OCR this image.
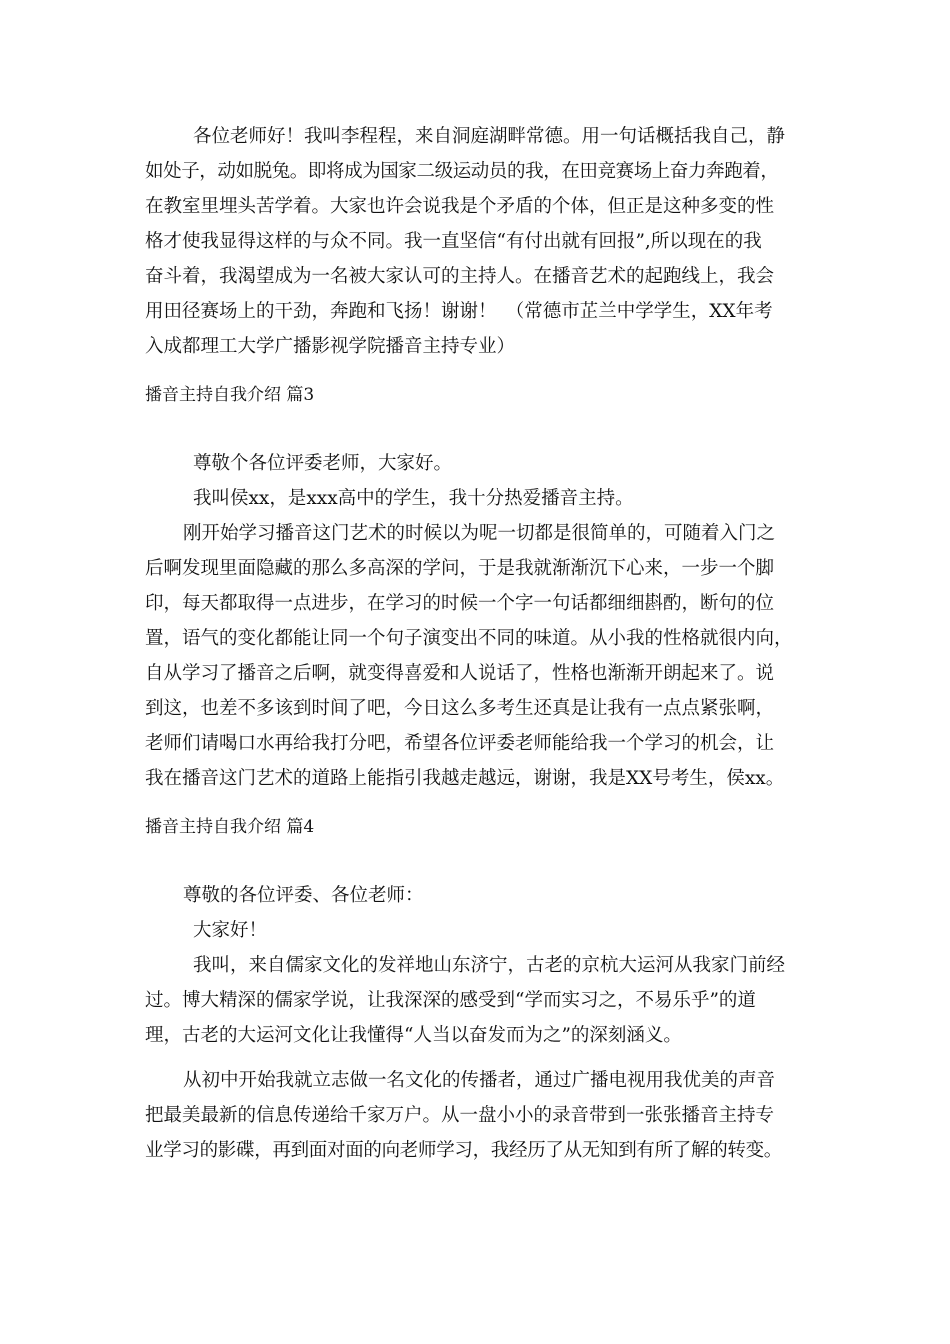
各位老师好！我叫李程程，来自洞庭湖畔常德。用一句话概括我自己，静
如处子，动如脱兔。即将成为国家二级运动员的我，在田竞赛场上奋力奔跑着，
在教室里埋头苦学着。大家也许会说我是个矛盾的个体，但正是这种多变的性
格才使我显得这样的与众不同。我一直坚信“有付出就有回报”,所以现在的我
奋斗着，我渴望成为一名被大家认可的主持人。在播音艺术的起跑线上，我会
用田径赛场上的干劲，奔跑和飞扬！谢谢！　（常德市芷兰中学学生，XX年考
入成都理工大学广播影视学院播音主持专业）
播音主持自我介绍 篇3
尊敬个各位评委老师，大家好。
我叫侯xx，是xxx高中的学生，我十分热爱播音主持。
刚开始学习播音这门艺术的时候以为呢一切都是很简单的，可随着入门之
后啊发现里面隐藏的那么多高深的学问，于是我就渐渐沉下心来，一步一个脚
印，每天都取得一点进步，在学习的时候一个字一句话都细细斟酌，断句的位
置，语气的变化都能让同一个句子演变出不同的味道。从小我的性格就很内向，
自从学习了播音之后啊，就变得喜爱和人说话了，性格也渐渐开朗起来了。说
到这，也差不多该到时间了吧，今日这么多考生还真是让我有一点点紧张啊，
老师们请喝口水再给我打分吧，希望各位评委老师能给我一个学习的机会，让
我在播音这门艺术的道路上能指引我越走越远，谢谢，我是XX号考生，侯xx。
播音主持自我介绍 篇4
尊敬的各位评委、各位老师：
大家好！
我叫，来自儒家文化的发祥地山东济宁，古老的京杭大运河从我家门前经
过。博大精深的儒家学说，让我深深的感受到“学而实习之，不易乐乎”的道
理，古老的大运河文化让我懂得“人当以奋发而为之”的深刻涵义。
从初中开始我就立志做一名文化的传播者，通过广播电视用我优美的声音
把最美最新的信息传递给千家万户。从一盘小小的录音带到一张张播音主持专
业学习的影碟，再到面对面的向老师学习，我经历了从无知到有所了解的转变。
